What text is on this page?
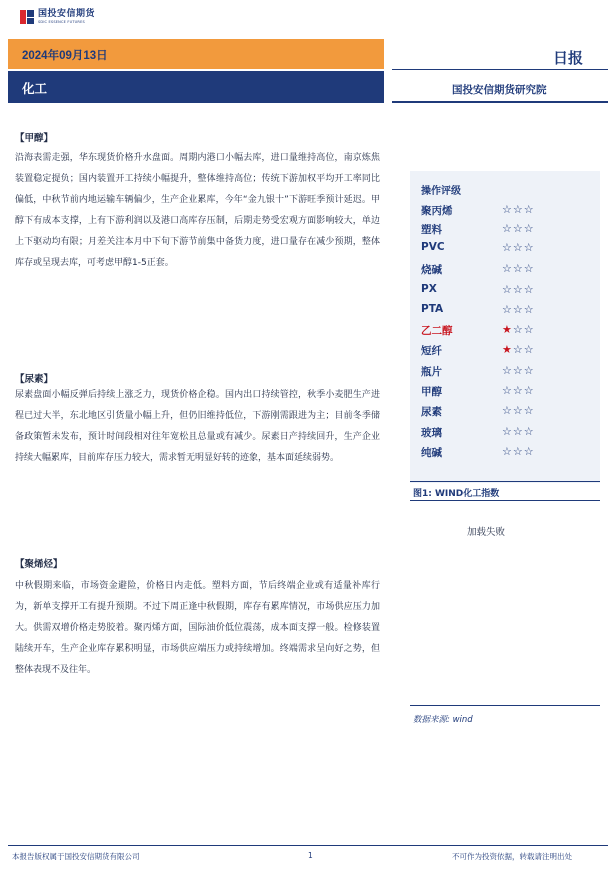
国投安信期货
SDIC ESSENCE FUTURES
2024年09月13日	日报
化工	国投安信期货研究院
【甲醇】

沿海表需走强，华东现货价格升水盘面。周期内港口小幅去库，进口量维持高位，南京炼焦装置稳定提负；国内装置开工持续小幅提升，整体维持高位；传统下游加权平均开工率同比偏低，中秋节前内地运输车辆偏少，生产企业累库，今年“金九银十”下游旺季预计延迟。甲醇下有成本支撑，上有下游利润以及港口高库存压制，后期走势受宏观方面影响较大，单边上下驱动均有限；月差关注本月中下旬下游节前集中备货力度，进口量存在减少预期，整体库存或呈现去库，可考虑甲醇1-5正套。

【尿素】

尿素盘面小幅反弹后持续上涨乏力，现货价格企稳。国内出口持续管控，秋季小麦肥生产进程已过大半，东北地区引货量小幅上升，但仍旧维持低位，下游刚需跟进为主；目前冬季储备政策暂未发布，预计时间段相对往年宽松且总量或有减少。尿素日产持续回升，生产企业持续大幅累库，目前库存压力较大，需求暂无明显好转的迹象，基本面延续弱势。

【聚烯烃】

中秋假期来临，市场资金避险，价格日内走低。塑料方面，节后终端企业或有适量补库行为，新单支撑开工有提升预期。不过下周正逢中秋假期，库存有累库情况，市场供应压力加大。供需双增价格走势胶着。聚丙烯方面，国际油价低位震荡，成本面支撑一般。检修装置陆续开车，生产企业库存累积明显，市场供应端压力或持续增加。终端需求呈向好之势，但整体表现不及往年。

操作评级
聚丙烯	☆☆☆
塑料	☆☆☆
PVC	☆☆☆
烧碱	☆☆☆
PX	☆☆☆
PTA	☆☆☆
乙二醇	★☆☆
短纤	★☆☆
瓶片	☆☆☆
甲醇	☆☆☆
尿素	☆☆☆
玻璃	☆☆☆
纯碱	☆☆☆
图1: WIND化工指数
加载失败
数据来源: wind
本报告版权属于国投安信期货有限公司	1	不可作为投资依据，转载请注明出处
